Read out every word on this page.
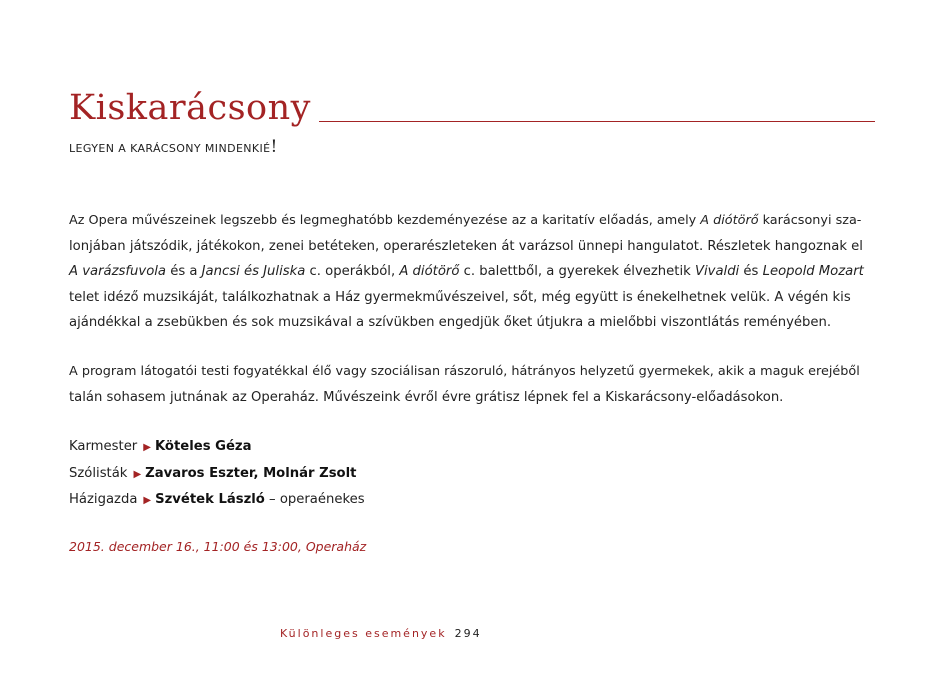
Kiskarácsony
LEGYEN A KARÁCSONY MINDENKIÉ!
Az Opera művészeinek legszebb és legmeghatóbb kezdeményezése az a karitatív előadás, amely A diótörő karácsonyi sza-
lonjában játszódik, játékokon, zenei betéteken, operarészleteken át varázsol ünnepi hangulatot. Részletek hangoznak el
A varázsfuvola és a Jancsi és Juliska c. operákból, A diótörő c. balettből, a gyerekek élvezhetik Vivaldi és Leopold Mozart
telet idéző muzsikáját, találkozhatnak a Ház gyermekművészeivel, sőt, még együtt is énekelhetnek velük. A végén kis
ajándékkal a zsebükben és sok muzsikával a szívükben engedjük őket útjukra a mielőbbi viszontlátás reményében.
A program látogatói testi fogyatékkal élő vagy szociálisan rászoruló, hátrányos helyzetű gyermekek, akik a maguk erejéből
talán sohasem jutnának az Operaház. Művészeink évről évre grátisz lépnek fel a Kiskarácsony-előadásokon.
Karmester ▶ Köteles Géza
Szólisták ▶ Zavaros Eszter, Molnár Zsolt
Házigazda ▶ Szvétek László – operaénekes
2015. december 16., 11:00 és 13:00, Operaház
Különleges események 294
